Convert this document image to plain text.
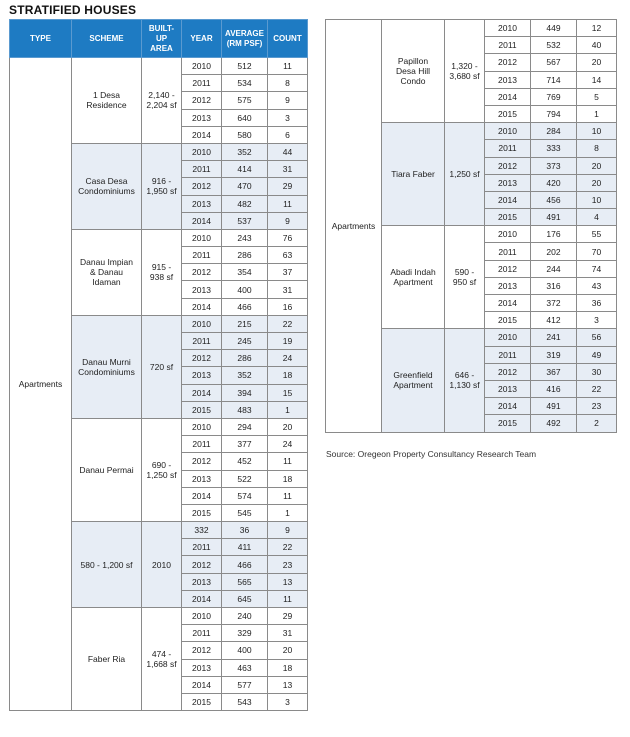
STRATIFIED HOUSES
TYPE	SCHEME	BUILT-UP AREA	YEAR	AVERAGE (RM PSF)	COUNT
Apartments	1 Desa Residence	2,140 - 2,204 sf	2010	512	11
			2011	534	8
			2012	575	9
			2013	640	3
			2014	580	6
	Casa Desa Condominiums	916 - 1,950 sf	2010	352	44
			2011	414	31
			2012	470	29
			2013	482	11
			2014	537	9
	Danau Impian & Danau Idaman	915 - 938 sf	2010	243	76
			2011	286	63
			2012	354	37
			2013	400	31
			2014	466	16
	Danau Murni Condominiums	720 sf	2010	215	22
			2011	245	19
			2012	286	24
			2013	352	18
			2014	394	15
			2015	483	1
	Danau Permai	690 - 1,250 sf	2010	294	20
			2011	377	24
			2012	452	11
			2013	522	18
			2014	574	11
			2015	545	1
	580 - 1,200 sf	2010	332	36	9
			2011	411	22
			2012	466	23
			2013	565	13
			2014	645	11
	Faber Ria	474 - 1,668 sf	2010	240	29
			2011	329	31
			2012	400	20
			2013	463	18
			2014	577	13
			2015	543	3
Apartments	Papillon Desa Hill Condo	1,320 - 3,680 sf	2010	449	12
			2011	532	40
			2012	567	20
			2013	714	14
			2014	769	5
			2015	794	1
	Tiara Faber	1,250 sf	2010	284	10
			2011	333	8
			2012	373	20
			2013	420	20
			2014	456	10
			2015	491	4
	Abadi Indah Apartment	590 - 950 sf	2010	176	55
			2011	202	70
			2012	244	74
			2013	316	43
			2014	372	36
			2015	412	3
	Greenfield Apartment	646 - 1,130 sf	2010	241	56
			2011	319	49
			2012	367	30
			2013	416	22
			2014	491	23
			2015	492	2
Source: Oregeon Property Consultancy Research Team
